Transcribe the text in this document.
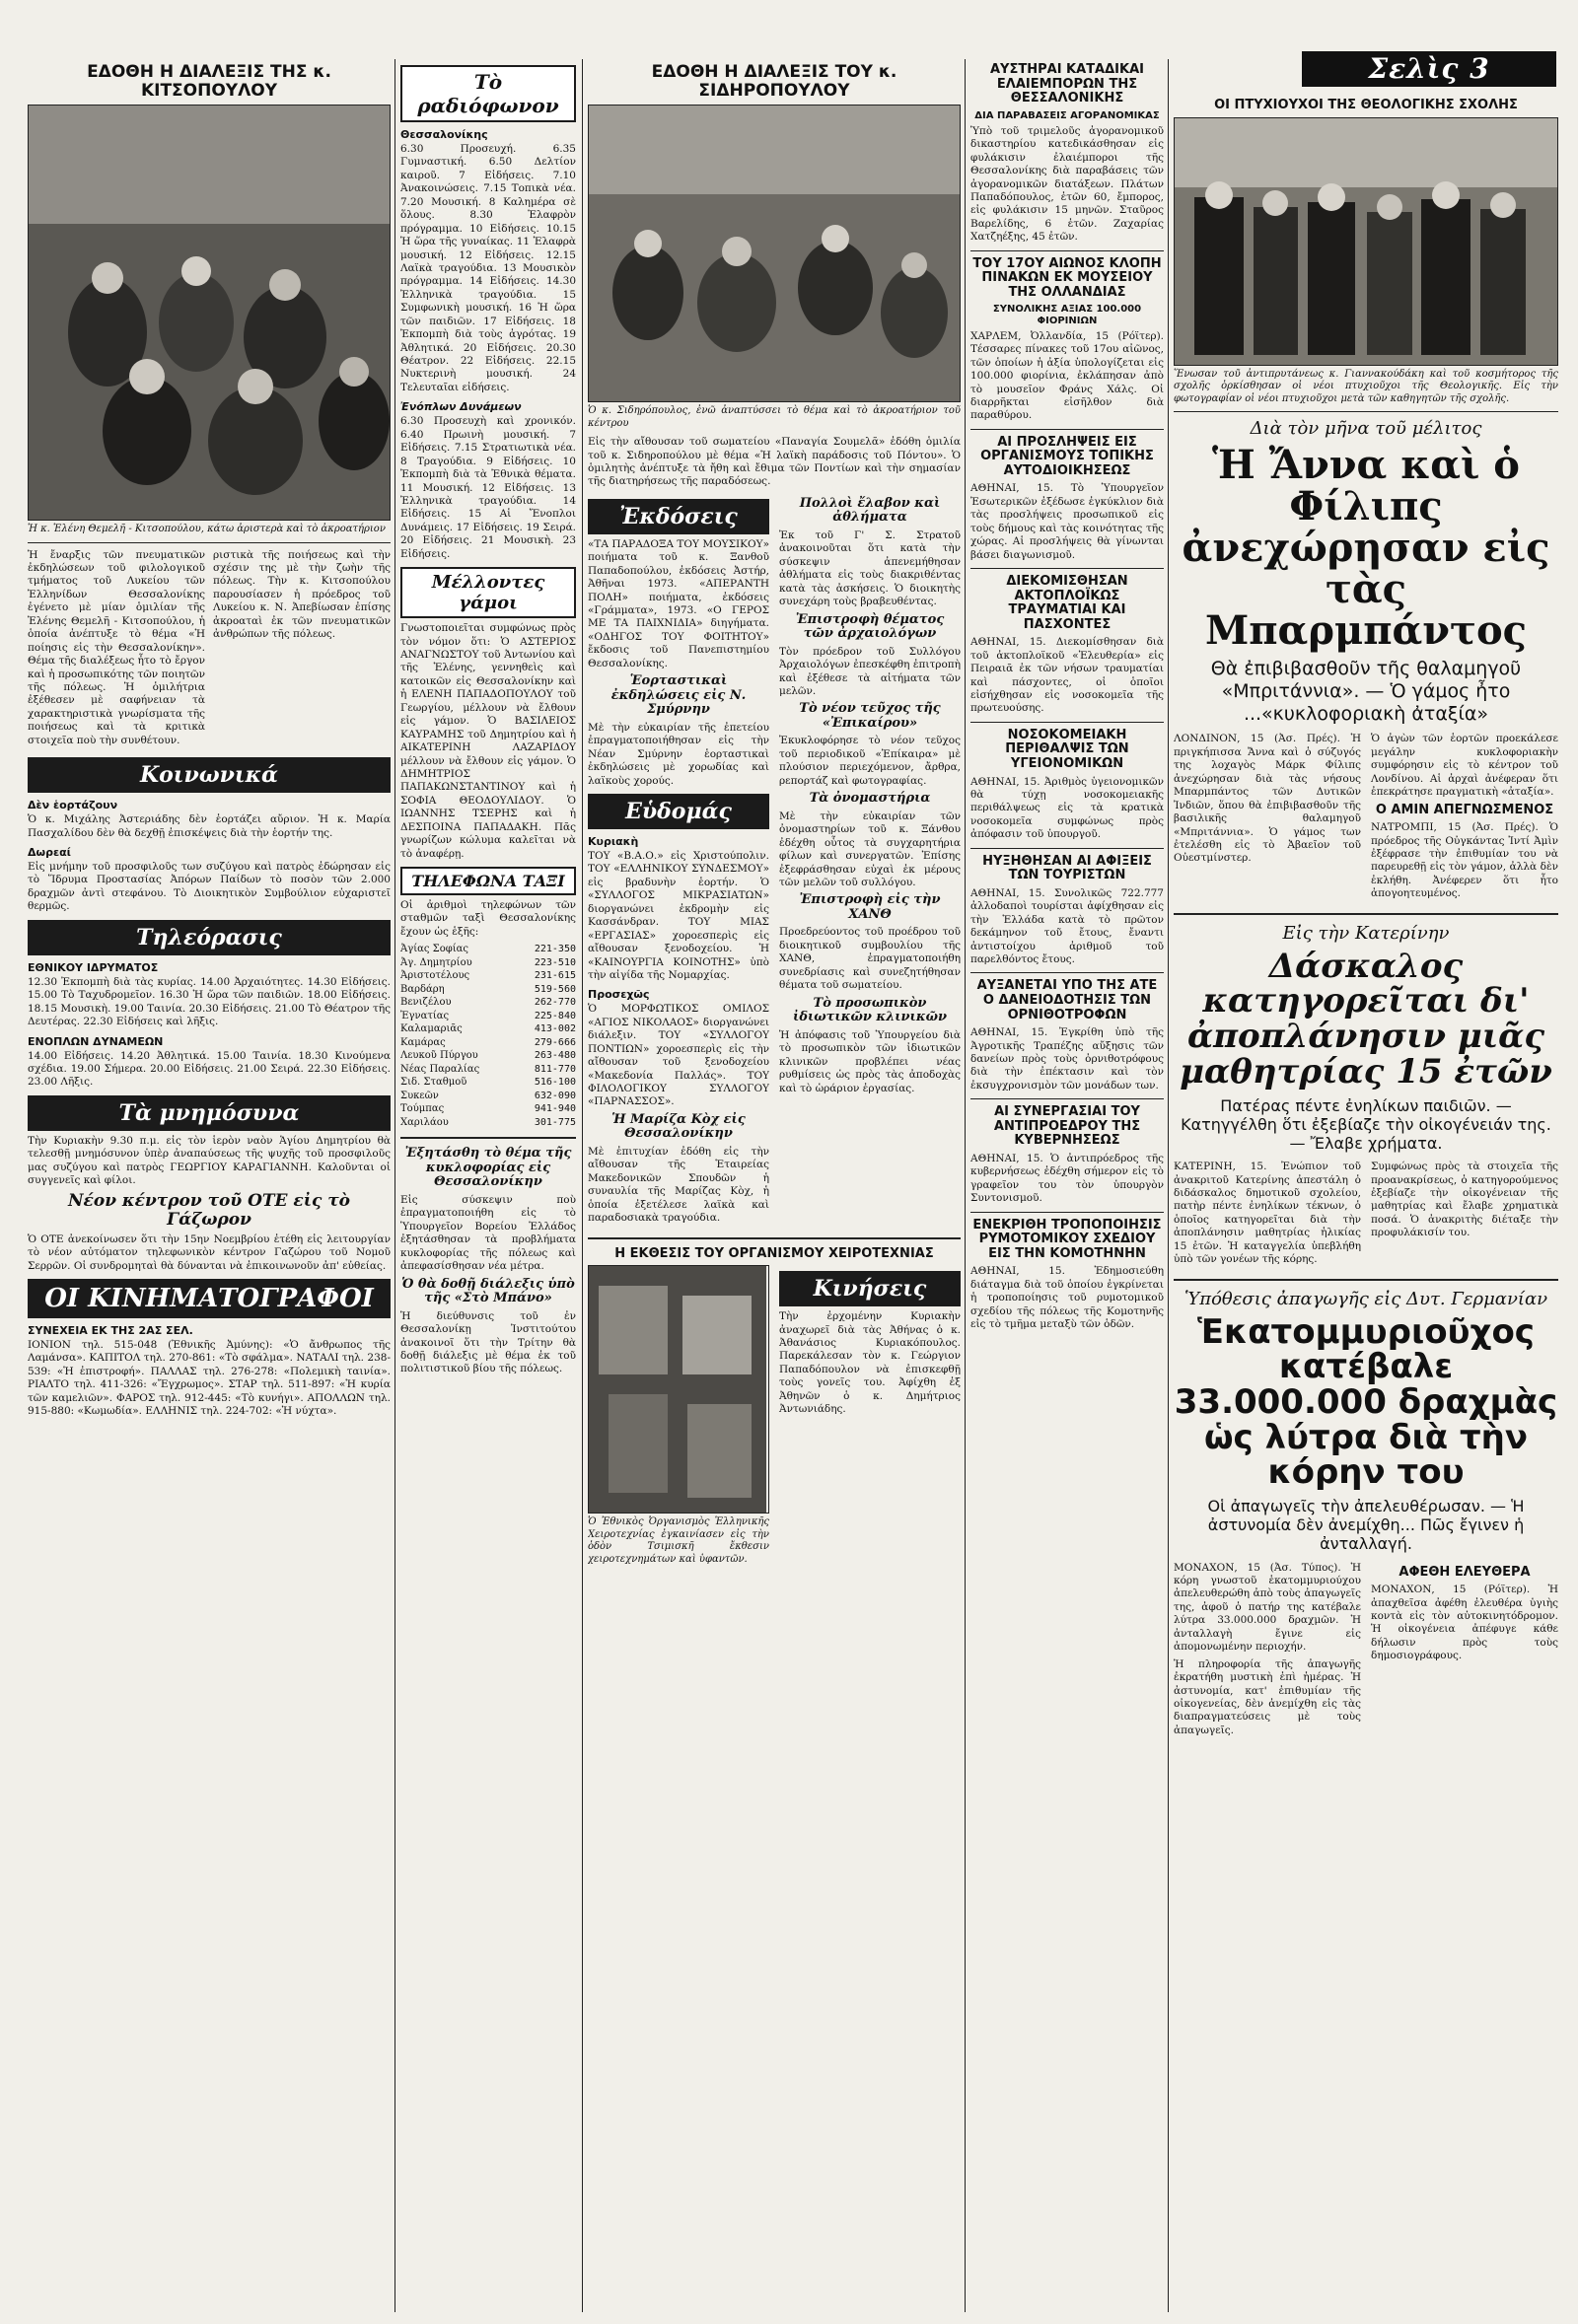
Σελὶς 3
ΕΔΟΘΗ Η ΔΙΑΛΕΞΙΣ ΤΗΣ κ. ΚΙΤΣΟΠΟΥΛΟΥ
Ἡ κ. Ἑλένη Θεμελῆ - Κιτσοπούλου, κάτω ἀριστερὰ καὶ τὸ ἀκροατήριον

Ἡ ἔναρξις τῶν πνευματικῶν ἐκδηλώσεων τοῦ φιλολογικοῦ τμήματος τοῦ Λυκείου τῶν Ἑλληνίδων Θεσσαλονίκης ἐγένετο μὲ μίαν ὁμιλίαν τῆς Ἑλένης Θεμελῆ - Κιτσοπούλου, ἡ ὁποία ἀνέπτυξε τὸ θέμα «Ἡ ποίησις εἰς τὴν Θεσσαλονίκην». Θέμα τῆς διαλέξεως ἦτο τὸ ἔργον καὶ ἡ προσωπικότης τῶν ποιητῶν τῆς πόλεως. Ἡ ὁμιλήτρια ἐξέθεσεν μὲ σαφήνειαν τὰ χαρακτηριστικὰ γνωρίσματα τῆς ποιήσεως καὶ τὰ κριτικὰ στοιχεῖα ποὺ τὴν συνθέτουν.

ριστικὰ τῆς ποιήσεως καὶ τὴν σχέσιν της μὲ τὴν ζωὴν τῆς πόλεως. Τὴν κ. Κιτσοπούλου παρουσίασεν ἡ πρόεδρος τοῦ Λυκείου κ. Ν. Ἀπεβίωσαν ἐπίσης ἀκροαταὶ ἐκ τῶν πνευματικῶν ἀνθρώπων τῆς πόλεως.

Κοινωνικά
Δὲν ἑορτάζουν

Ὁ κ. Μιχάλης Ἀστεριάδης δὲν ἑορτάζει αὔριον. Ἡ κ. Μαρία Πασχαλίδου δὲν θὰ δεχθῇ ἐπισκέψεις διὰ τὴν ἑορτήν της.

Δωρεαί

Εἰς μνήμην τοῦ προσφιλοῦς των συζύγου καὶ πατρὸς ἐδώρησαν εἰς τὸ Ἵδρυμα Προστασίας Ἀπόρων Παίδων τὸ ποσὸν τῶν 2.000 δραχμῶν ἀντὶ στεφάνου. Τὸ Διοικητικὸν Συμβούλιον εὐχαριστεῖ θερμῶς.

Τηλεόρασις
ΕΘΝΙΚΟΥ ΙΔΡΥΜΑΤΟΣ

12.30 Ἐκπομπὴ διὰ τὰς κυρίας. 14.00 Ἀρχαιότητες. 14.30 Εἰδήσεις. 15.00 Τὸ Ταχυδρομεῖον. 16.30 Ἡ ὥρα τῶν παιδιῶν. 18.00 Εἰδήσεις. 18.15 Μουσικὴ. 19.00 Ταινία. 20.30 Εἰδήσεις. 21.00 Τὸ Θέατρον τῆς Δευτέρας. 22.30 Εἰδήσεις καὶ λῆξις.

ΕΝΟΠΛΩΝ ΔΥΝΑΜΕΩΝ

14.00 Εἰδήσεις. 14.20 Ἀθλητικά. 15.00 Ταινία. 18.30 Κινούμενα σχέδια. 19.00 Σήμερα. 20.00 Εἰδήσεις. 21.00 Σειρά. 22.30 Εἰδήσεις. 23.00 Λῆξις.

Τὰ μνημόσυνα

Τὴν Κυριακὴν 9.30 π.μ. εἰς τὸν ἱερὸν ναὸν Ἁγίου Δημητρίου θὰ τελεσθῇ μνημόσυνον ὑπὲρ ἀναπαύσεως τῆς ψυχῆς τοῦ προσφιλοῦς μας συζύγου καὶ πατρὸς ΓΕΩΡΓΙΟΥ ΚΑΡΑΓΙΑΝΝΗ. Καλοῦνται οἱ συγγενεῖς καὶ φίλοι.

Νέον κέντρον τοῦ ΟΤΕ εἰς τὸ Γάζωρον

Ὁ ΟΤΕ ἀνεκοίνωσεν ὅτι τὴν 15ην Νοεμβρίου ἐτέθη εἰς λειτουργίαν τὸ νέον αὐτόματον τηλεφωνικὸν κέντρον Γαζώρου τοῦ Νομοῦ Σερρῶν. Οἱ συνδρομηταὶ θὰ δύνανται νὰ ἐπικοινωνοῦν ἀπ' εὐθείας.

ΟΙ ΚΙΝΗΜΑΤΟΓΡΑΦΟΙ
ΣΥΝΕΧΕΙΑ ΕΚ ΤΗΣ 2ΑΣ ΣΕΛ.

ΙΟΝΙΟΝ τηλ. 515-048 (Ἐθνικῆς Ἀμύνης): «Ὁ ἄνθρωπος τῆς Λαμάνσα». ΚΑΠΙΤΟΛ τηλ. 270-861: «Τὸ σφάλμα». ΝΑΤΑΛΙ τηλ. 238-539: «Ἡ ἐπιστροφή». ΠΑΛΛΑΣ τηλ. 276-278: «Πολεμικὴ ταινία». ΡΙΑΛΤΟ τηλ. 411-326: «Ἔγχρωμος». ΣΤΑΡ τηλ. 511-897: «Ἡ κυρία τῶν καμελιῶν». ΦΑΡΟΣ τηλ. 912-445: «Τὸ κυνήγι». ΑΠΟΛΛΩΝ τηλ. 915-880: «Κωμωδία». ΕΛΛΗΝΙΣ τηλ. 224-702: «Ἡ νύχτα».

Τὸ ραδιόφωνον
Θεσσαλονίκης

6.30 Προσευχή. 6.35 Γυμναστική. 6.50 Δελτίον καιροῦ. 7 Εἰδήσεις. 7.10 Ἀνακοινώσεις. 7.15 Τοπικὰ νέα. 7.20 Μουσική. 8 Καλημέρα σὲ ὅλους. 8.30 Ἑλαφρὸν πρόγραμμα. 10 Εἰδήσεις. 10.15 Ἡ ὥρα τῆς γυναίκας. 11 Ἐλαφρὰ μουσική. 12 Εἰδήσεις. 12.15 Λαϊκὰ τραγούδια. 13 Μουσικὸν πρόγραμμα. 14 Εἰδήσεις. 14.30 Ἐλληνικὰ τραγούδια. 15 Συμφωνικὴ μουσική. 16 Ἡ ὥρα τῶν παιδιῶν. 17 Εἰδήσεις. 18 Ἐκπομπὴ διὰ τοὺς ἀγρότας. 19 Ἀθλητικά. 20 Εἰδήσεις. 20.30 Θέατρον. 22 Εἰδήσεις. 22.15 Νυκτερινὴ μουσική. 24 Τελευταῖαι εἰδήσεις.

Ἐνόπλων Δυνάμεων

6.30 Προσευχὴ καὶ χρονικόν. 6.40 Πρωινὴ μουσική. 7 Εἰδήσεις. 7.15 Στρατιωτικὰ νέα. 8 Τραγούδια. 9 Εἰδήσεις. 10 Ἐκπομπὴ διὰ τὰ Ἐθνικὰ θέματα. 11 Μουσική. 12 Εἰδήσεις. 13 Ἐλληνικὰ τραγούδια. 14 Εἰδήσεις. 15 Αἱ Ἔνοπλοι Δυνάμεις. 17 Εἰδήσεις. 19 Σειρά. 20 Εἰδήσεις. 21 Μουσικὴ. 23 Εἰδήσεις.

Μέλλοντες γάμοι

Γνωστοποιεῖται συμφώνως πρὸς τὸν νόμον ὅτι: Ὁ ΑΣΤΕΡΙΟΣ ΑΝΑΓΝΩΣΤΟΥ τοῦ Ἀντωνίου καὶ τῆς Ἑλένης, γεννηθεὶς καὶ κατοικῶν εἰς Θεσσαλονίκην καὶ ἡ ΕΛΕΝΗ ΠΑΠΑΔΟΠΟΥΛΟΥ τοῦ Γεωργίου, μέλλουν νὰ ἔλθουν εἰς γάμον. Ὁ ΒΑΣΙΛΕΙΟΣ ΚΑΥΡΑΜΗΣ τοῦ Δημητρίου καὶ ἡ ΑΙΚΑΤΕΡΙΝΗ ΛΑΖΑΡΙΔΟΥ μέλλουν νὰ ἔλθουν εἰς γάμον. Ὁ ΔΗΜΗΤΡΙΟΣ ΠΑΠΑΚΩΝΣΤΑΝΤΙΝΟΥ καὶ ἡ ΣΟΦΙΑ ΘΕΟΔΟΥΛΙΔΟΥ. Ὁ ΙΩΑΝΝΗΣ ΤΣΕΡΗΣ καὶ ἡ ΔΕΣΠΟΙΝΑ ΠΑΠΑΔΑΚΗ. Πᾶς γνωρίζων κώλυμα καλεῖται νὰ τὸ ἀναφέρῃ.

ΤΗΛΕΦΩΝΑ ΤΑΞΙ

Οἱ ἀριθμοὶ τηλεφώνων τῶν σταθμῶν ταξὶ Θεσσαλονίκης ἔχουν ὡς ἑξῆς:

Ἀγίας Σοφίας	221-350
Ἀγ. Δημητρίου	223-510
Ἀριστοτέλους	231-615
Βαρδάρη	519-560
Βενιζέλου	262-770
Ἐγνατίας	225-840
Καλαμαριᾶς	413-002
Καμάρας	279-666
Λευκοῦ Πύργου	263-480
Νέας Παραλίας	811-770
Σιδ. Σταθμοῦ	516-100
Συκεῶν	632-090
Τούμπας	941-940
Χαριλάου	301-775
Ἐξητάσθη τὸ θέμα τῆς κυκλοφορίας εἰς Θεσσαλονίκην

Εἰς σύσκεψιν ποὺ ἐπραγματοποιήθη εἰς τὸ Ὑπουργεῖον Βορείου Ἑλλάδος ἐξητάσθησαν τὰ προβλήματα κυκλοφορίας τῆς πόλεως καὶ ἀπεφασίσθησαν νέα μέτρα.

Ὁ θὰ δοθῇ διάλεξις ὑπὸ τῆς «Στὸ Μπάνο»

Ἡ διεύθυνσις τοῦ ἐν Θεσσαλονίκῃ Ἰνστιτούτου ἀνακοινοῖ ὅτι τὴν Τρίτην θὰ δοθῇ διάλεξις μὲ θέμα ἐκ τοῦ πολιτιστικοῦ βίου τῆς πόλεως.

ΕΔΟΘΗ Η ΔΙΑΛΕΞΙΣ ΤΟΥ κ. ΣΙΔΗΡΟΠΟΥΛΟΥ
Ὁ κ. Σιδηρόπουλος, ἐνῶ ἀναπτύσσει τὸ θέμα καὶ τὸ ἀκροατήριον τοῦ κέντρου

Εἰς τὴν αἴθουσαν τοῦ σωματείου «Παναγία Σουμελᾶ» ἐδόθη ὁμιλία τοῦ κ. Σιδηροπούλου μὲ θέμα «Ἡ λαϊκὴ παράδοσις τοῦ Πόντου». Ὁ ὁμιλητὴς ἀνέπτυξε τὰ ἤθη καὶ ἔθιμα τῶν Ποντίων καὶ τὴν σημασίαν τῆς διατηρήσεως τῆς παραδόσεως.

Ἐκδόσεις

«ΤΑ ΠΑΡΑΔΟΞΑ ΤΟΥ ΜΟΥΣΙΚΟΥ» ποιήματα τοῦ κ. Ξανθοῦ Παπαδοπούλου, ἐκδόσεις Ἀστήρ, Ἀθῆναι 1973. «ΑΠΕΡΑΝΤΗ ΠΟΛΗ» ποιήματα, ἐκδόσεις «Γράμματα», 1973. «Ο ΓΕΡΟΣ ΜΕ ΤΑ ΠΑΙΧΝΙΔΙΑ» διηγήματα. «ΟΔΗΓΟΣ ΤΟΥ ΦΟΙΤΗΤΟΥ» ἔκδοσις τοῦ Πανεπιστημίου Θεσσαλονίκης.

Ἑορταστικαὶ ἐκδηλώσεις εἰς Ν. Σμύρνην

Μὲ τὴν εὐκαιρίαν τῆς ἐπετείου ἐπραγματοποιήθησαν εἰς τὴν Νέαν Σμύρνην ἑορταστικαὶ ἐκδηλώσεις μὲ χορωδίας καὶ λαϊκοὺς χορούς.

Εὑδομάς
Κυριακὴ

ΤΟΥ «Β.Α.Ο.» εἰς Χριστούπολιν. ΤΟΥ «ΕΛΛΗΝΙΚΟΥ ΣΥΝΔΕΣΜΟΥ» εἰς βραδυνὴν ἑορτήν. Ὁ «ΣΥΛΛΟΓΟΣ ΜΙΚΡΑΣΙΑΤΩΝ» διοργανώνει ἐκδρομὴν εἰς Κασσάνδραν. ΤΟΥ ΜΙΑΣ «ΕΡΓΑΣΙΑΣ» χοροεσπερὶς εἰς αἴθουσαν ξενοδοχείου. Ἡ «ΚΑΙΝΟΥΡΓΙΑ ΚΟΙΝΟΤΗΣ» ὑπὸ τὴν αἰγίδα τῆς Νομαρχίας.

Προσεχῶς

Ὁ ΜΟΡΦΩΤΙΚΟΣ ΟΜΙΛΟΣ «ΑΓΙΟΣ ΝΙΚΟΛΑΟΣ» διοργανώνει διάλεξιν. ΤΟΥ «ΣΥΛΛΟΓΟΥ ΠΟΝΤΙΩΝ» χοροεσπερὶς εἰς τὴν αἴθουσαν τοῦ ξενοδοχείου «Μακεδονία Παλλάς». ΤΟΥ ΦΙΛΟΛΟΓΙΚΟΥ ΣΥΛΛΟΓΟΥ «ΠΑΡΝΑΣΣΟΣ».

Ἡ Μαρίζα Κὸχ εἰς Θεσσαλονίκην

Μὲ ἐπιτυχίαν ἐδόθη εἰς τὴν αἴθουσαν τῆς Ἑταιρείας Μακεδονικῶν Σπουδῶν ἡ συναυλία τῆς Μαρίζας Κὸχ, ἡ ὁποία ἐξετέλεσε λαϊκὰ καὶ παραδοσιακὰ τραγούδια.

Πολλοὶ ἔλαβον καὶ ἀθλήματα

Ἐκ τοῦ Γ' Σ. Στρατοῦ ἀνακοινοῦται ὅτι κατὰ τὴν σύσκεψιν ἀπενεμήθησαν ἀθλήματα εἰς τοὺς διακριθέντας κατὰ τὰς ἀσκήσεις. Ὁ διοικητὴς συνεχάρη τοὺς βραβευθέντας.

Ἐπιστροφὴ θέματος τῶν ἀρχαιολόγων

Τὸν πρόεδρον τοῦ Συλλόγου Ἀρχαιολόγων ἐπεσκέφθη ἐπιτροπὴ καὶ ἐξέθεσε τὰ αἰτήματα τῶν μελῶν.

Τὸ νέον τεῦχος τῆς «Ἐπικαίρου»

Ἐκυκλοφόρησε τὸ νέον τεῦχος τοῦ περιοδικοῦ «Ἐπίκαιρα» μὲ πλούσιον περιεχόμενον, ἄρθρα, ρεπορτάζ καὶ φωτογραφίας.

Τὰ ὀνομαστήρια

Μὲ τὴν εὐκαιρίαν τῶν ὀνομαστηρίων τοῦ κ. Ξάνθου ἐδέχθη οὗτος τὰ συγχαρητήρια φίλων καὶ συνεργατῶν. Ἐπίσης ἐξεφράσθησαν εὐχαὶ ἐκ μέρους τῶν μελῶν τοῦ συλλόγου.

Ἐπιστροφὴ εἰς τὴν ΧΑΝΘ

Προεδρεύοντος τοῦ προέδρου τοῦ διοικητικοῦ συμβουλίου τῆς ΧΑΝΘ, ἐπραγματοποιήθη συνεδρίασις καὶ συνεζητήθησαν θέματα τοῦ σωματείου.

Τὸ προσωπικὸν ἰδιωτικῶν κλινικῶν

Ἡ ἀπόφασις τοῦ Ὑπουργείου διὰ τὸ προσωπικὸν τῶν ἰδιωτικῶν κλινικῶν προβλέπει νέας ρυθμίσεις ὡς πρὸς τὰς ἀποδοχὰς καὶ τὸ ὡράριον ἐργασίας.

Η ΕΚΘΕΣΙΣ ΤΟΥ ΟΡΓΑΝΙΣΜΟΥ ΧΕΙΡΟΤΕΧΝΙΑΣ
Ὁ Ἐθνικὸς Ὀργανισμὸς Ἑλληνικῆς Χειροτεχνίας ἐγκαινίασεν εἰς τὴν ὁδὸν Τσιμισκῆ ἔκθεσιν χειροτεχνημάτων καὶ ὑφαντῶν.
Κινήσεις

Τὴν ἐρχομένην Κυριακὴν ἀναχωρεῖ διὰ τὰς Ἀθήνας ὁ κ. Ἀθανάσιος Κυριακόπουλος. Παρεκάλεσαν τὸν κ. Γεώργιον Παπαδόπουλον νὰ ἐπισκεφθῇ τοὺς γονεῖς του. Ἀφίχθη ἐξ Ἀθηνῶν ὁ κ. Δημήτριος Ἀντωνιάδης.

ΑΥΣΤΗΡΑΙ ΚΑΤΑΔΙΚΑΙ ΕΛΑΙΕΜΠΟΡΩΝ ΤΗΣ ΘΕΣΣΑΛΟΝΙΚΗΣ
ΔΙΑ ΠΑΡΑΒΑΣΕΙΣ ΑΓΟΡΑΝΟΜΙΚΑΣ

Ὑπὸ τοῦ τριμελοῦς ἀγορανομικοῦ δικαστηρίου κατεδικάσθησαν εἰς φυλάκισιν ἐλαιέμποροι τῆς Θεσσαλονίκης διὰ παραβάσεις τῶν ἀγορανομικῶν διατάξεων. Πλάτων Παπαδόπουλος, ἐτῶν 60, ἔμπορος, εἰς φυλάκισιν 15 μηνῶν. Σταῦρος Βαρελίδης, 6 ἐτῶν. Ζαχαρίας Χατζηέξης, 45 ἐτῶν.

ΤΟΥ 17ΟΥ ΑΙΩΝΟΣ ΚΛΟΠΗ ΠΙΝΑΚΩΝ ΕΚ ΜΟΥΣΕΙΟΥ ΤΗΣ ΟΛΛΑΝΔΙΑΣ
ΣΥΝΟΛΙΚΗΣ ΑΞΙΑΣ 100.000 ΦΙΟΡΙΝΙΩΝ

ΧΑΡΛΕΜ, Ὀλλανδία, 15 (Ρόϊτερ). Τέσσαρες πίνακες τοῦ 17ου αἰῶνος, τῶν ὁποίων ἡ ἀξία ὑπολογίζεται εἰς 100.000 φιορίνια, ἐκλάπησαν ἀπὸ τὸ μουσεῖον Φράνς Χάλς. Οἱ διαρρῆκται εἰσῆλθον διὰ παραθύρου.

ΑΙ ΠΡΟΣΛΗΨΕΙΣ ΕΙΣ ΟΡΓΑΝΙΣΜΟΥΣ ΤΟΠΙΚΗΣ ΑΥΤΟΔΙΟΙΚΗΣΕΩΣ

ΑΘΗΝΑΙ, 15. Τὸ Ὑπουργεῖον Ἐσωτερικῶν ἐξέδωσε ἐγκύκλιον διὰ τὰς προσλήψεις προσωπικοῦ εἰς τοὺς δήμους καὶ τὰς κοινότητας τῆς χώρας. Αἱ προσλήψεις θὰ γίνωνται βάσει διαγωνισμοῦ.

ΔΙΕΚΟΜΙΣΘΗΣΑΝ ΑΚΤΟΠΛΟΪΚΩΣ ΤΡΑΥΜΑΤΙΑΙ ΚΑΙ ΠΑΣΧΟΝΤΕΣ

ΑΘΗΝΑΙ, 15. Διεκομίσθησαν διὰ τοῦ ἀκτοπλοϊκοῦ «Ἐλευθερία» εἰς Πειραιᾶ ἐκ τῶν νήσων τραυματίαι καὶ πάσχοντες, οἱ ὁποῖοι εἰσήχθησαν εἰς νοσοκομεῖα τῆς πρωτευούσης.

ΝΟΣΟΚΟΜΕΙΑΚΗ ΠΕΡΙΘΑΛΨΙΣ ΤΩΝ ΥΓΕΙΟΝΟΜΙΚΩΝ

ΑΘΗΝΑΙ, 15. Ἀριθμὸς ὑγειονομικῶν θὰ τύχῃ νοσοκομειακῆς περιθάλψεως εἰς τὰ κρατικὰ νοσοκομεῖα συμφώνως πρὸς ἀπόφασιν τοῦ ὑπουργοῦ.

ΗΥΞΗΘΗΣΑΝ ΑΙ ΑΦΙΞΕΙΣ ΤΩΝ ΤΟΥΡΙΣΤΩΝ

ΑΘΗΝΑΙ, 15. Συνολικῶς 722.777 ἀλλοδαποὶ τουρίσται ἀφίχθησαν εἰς τὴν Ἑλλάδα κατὰ τὸ πρῶτον δεκάμηνον τοῦ ἔτους, ἔναντι ἀντιστοίχου ἀριθμοῦ τοῦ παρελθόντος ἔτους.

ΑΥΞΑΝΕΤΑΙ ΥΠΟ ΤΗΣ ΑΤΕ Ο ΔΑΝΕΙΟΔΟΤΗΣΙΣ ΤΩΝ ΟΡΝΙΘΟΤΡΟΦΩΝ

ΑΘΗΝΑΙ, 15. Ἐγκρίθη ὑπὸ τῆς Ἀγροτικῆς Τραπέζης αὔξησις τῶν δανείων πρὸς τοὺς ὀρνιθοτρόφους διὰ τὴν ἐπέκτασιν καὶ τὸν ἐκσυγχρονισμὸν τῶν μονάδων των.

ΑΙ ΣΥΝΕΡΓΑΣΙΑΙ ΤΟΥ ΑΝΤΙΠΡΟΕΔΡΟΥ ΤΗΣ ΚΥΒΕΡΝΗΣΕΩΣ

ΑΘΗΝΑΙ, 15. Ὁ ἀντιπρόεδρος τῆς κυβερνήσεως ἐδέχθη σήμερον εἰς τὸ γραφεῖον του τὸν ὑπουργὸν Συντονισμοῦ.

ΕΝΕΚΡΙΘΗ ΤΡΟΠΟΠΟΙΗΣΙΣ ΡΥΜΟΤΟΜΙΚΟΥ ΣΧΕΔΙΟΥ ΕΙΣ ΤΗΝ ΚΟΜΟΤΗΝΗΝ

ΑΘΗΝΑΙ, 15. Ἐδημοσιεύθη διάταγμα διὰ τοῦ ὁποίου ἐγκρίνεται ἡ τροποποίησις τοῦ ρυμοτομικοῦ σχεδίου τῆς πόλεως τῆς Κομοτηνῆς εἰς τὸ τμῆμα μεταξὺ τῶν ὁδῶν.

ΟΙ ΠΤΥΧΙΟΥΧΟΙ ΤΗΣ ΘΕΟΛΟΓΙΚΗΣ ΣΧΟΛΗΣ
Ἕνωσαν τοῦ ἀντιπρυτάνεως κ. Γιαννακούδάκη καὶ τοῦ κοσμήτορος τῆς σχολῆς ὁρκίσθησαν οἱ νέοι πτυχιοῦχοι τῆς Θεολογικῆς. Εἰς τὴν φωτογραφίαν οἱ νέοι πτυχιοῦχοι μετὰ τῶν καθηγητῶν τῆς σχολῆς.
Διὰ τὸν μῆνα τοῦ μέλιτος
Ἡ Ἄννα καὶ ὁ Φίλιπς ἀνεχώρησαν εἰς τὰς Μπαρμπάντος
Θὰ ἐπιβιβασθοῦν τῆς θαλαμηγοῦ «Μπριτάννια». — Ὁ γάμος ἦτο ...«κυκλοφοριακὴ ἀταξία»

ΛΟΝΔΙΝΟΝ, 15 (Ἀσ. Πρές). Ἡ πριγκήπισσα Ἄννα καὶ ὁ σύζυγός της λοχαγὸς Μάρκ Φίλιπς ἀνεχώρησαν διὰ τὰς νήσους Μπαρμπάντος τῶν Δυτικῶν Ἰνδιῶν, ὅπου θὰ ἐπιβιβασθοῦν τῆς βασιλικῆς θαλαμηγοῦ «Μπριτάννια». Ὁ γάμος των ἐτελέσθη εἰς τὸ Ἀβαεῖον τοῦ Οὐεστμίνστερ.

Ὁ ἀγὼν τῶν ἑορτῶν προεκάλεσε μεγάλην κυκλοφοριακὴν συμφόρησιν εἰς τὸ κέντρον τοῦ Λονδίνου. Αἱ ἀρχαὶ ἀνέφεραν ὅτι ἐπεκράτησε πραγματικὴ «ἀταξία».

Ο ΑΜΙΝ ΑΠΕΓΝΩΣΜΕΝΟΣ

ΝΑΤΡΟΜΠΙ, 15 (Ἀσ. Πρές). Ὁ πρόεδρος τῆς Οὐγκάντας Ἰντί Ἀμὶν ἐξέφρασε τὴν ἐπιθυμίαν του νὰ παρευρεθῇ εἰς τὸν γάμον, ἀλλὰ δὲν ἐκλήθη. Ἀνέφερεν ὅτι ἦτο ἀπογοητευμένος.

Εἰς τὴν Κατερίνην
Δάσκαλος κατηγορεῖται δι' ἀποπλάνησιν μιᾶς μαθητρίας 15 ἐτῶν
Πατέρας πέντε ἐνηλίκων παιδιῶν. — Κατηγγέλθη ὅτι ἐξεβίαζε τὴν οἰκογένειάν της. — Ἔλαβε χρήματα.

ΚΑΤΕΡΙΝΗ, 15. Ἐνώπιον τοῦ ἀνακριτοῦ Κατερίνης ἀπεστάλη ὁ διδάσκαλος δημοτικοῦ σχολείου, πατὴρ πέντε ἐνηλίκων τέκνων, ὁ ὁποῖος κατηγορεῖται διὰ τὴν ἀποπλάνησιν μαθητρίας ἡλικίας 15 ἐτῶν. Ἡ καταγγελία ὑπεβλήθη ὑπὸ τῶν γονέων τῆς κόρης.

Συμφώνως πρὸς τὰ στοιχεῖα τῆς προανακρίσεως, ὁ κατηγορούμενος ἐξεβίαζε τὴν οἰκογένειαν τῆς μαθητρίας καὶ ἔλαβε χρηματικὰ ποσά. Ὁ ἀνακριτὴς διέταξε τὴν προφυλάκισίν του.

Ὑπόθεσις ἀπαγωγῆς εἰς Δυτ. Γερμανίαν
Ἑκατομμυριοῦχος κατέβαλε 33.000.000 δραχμὰς ὡς λύτρα διὰ τὴν κόρην του
Οἱ ἀπαγωγεῖς τὴν ἀπελευθέρωσαν. — Ἡ ἀστυνομία δὲν ἀνεμίχθη... Πῶς ἔγινεν ἡ ἀνταλλαγή.

ΜΟΝΑΧΟΝ, 15 (Ἀσ. Τύπος). Ἡ κόρη γνωστοῦ ἑκατομμυριούχου ἀπελευθερώθη ἀπὸ τοὺς ἀπαγωγεῖς της, ἀφοῦ ὁ πατήρ της κατέβαλε λύτρα 33.000.000 δραχμῶν. Ἡ ἀνταλλαγὴ ἔγινε εἰς ἀπομονωμένην περιοχήν.

Ἡ πληροφορία τῆς ἀπαγωγῆς ἐκρατήθη μυστικὴ ἐπὶ ἡμέρας. Ἡ ἀστυνομία, κατ' ἐπιθυμίαν τῆς οἰκογενείας, δὲν ἀνεμίχθη εἰς τὰς διαπραγματεύσεις μὲ τοὺς ἀπαγωγεῖς.

ΑΦΕΘΗ ΕΛΕΥΘΕΡΑ

ΜΟΝΑΧΟΝ, 15 (Ρόϊτερ). Ἡ ἀπαχθεῖσα ἀφέθη ἐλευθέρα ὑγιὴς κοντὰ εἰς τὸν αὐτοκινητόδρομον. Ἡ οἰκογένεια ἀπέφυγε κάθε δήλωσιν πρὸς τοὺς δημοσιογράφους.
